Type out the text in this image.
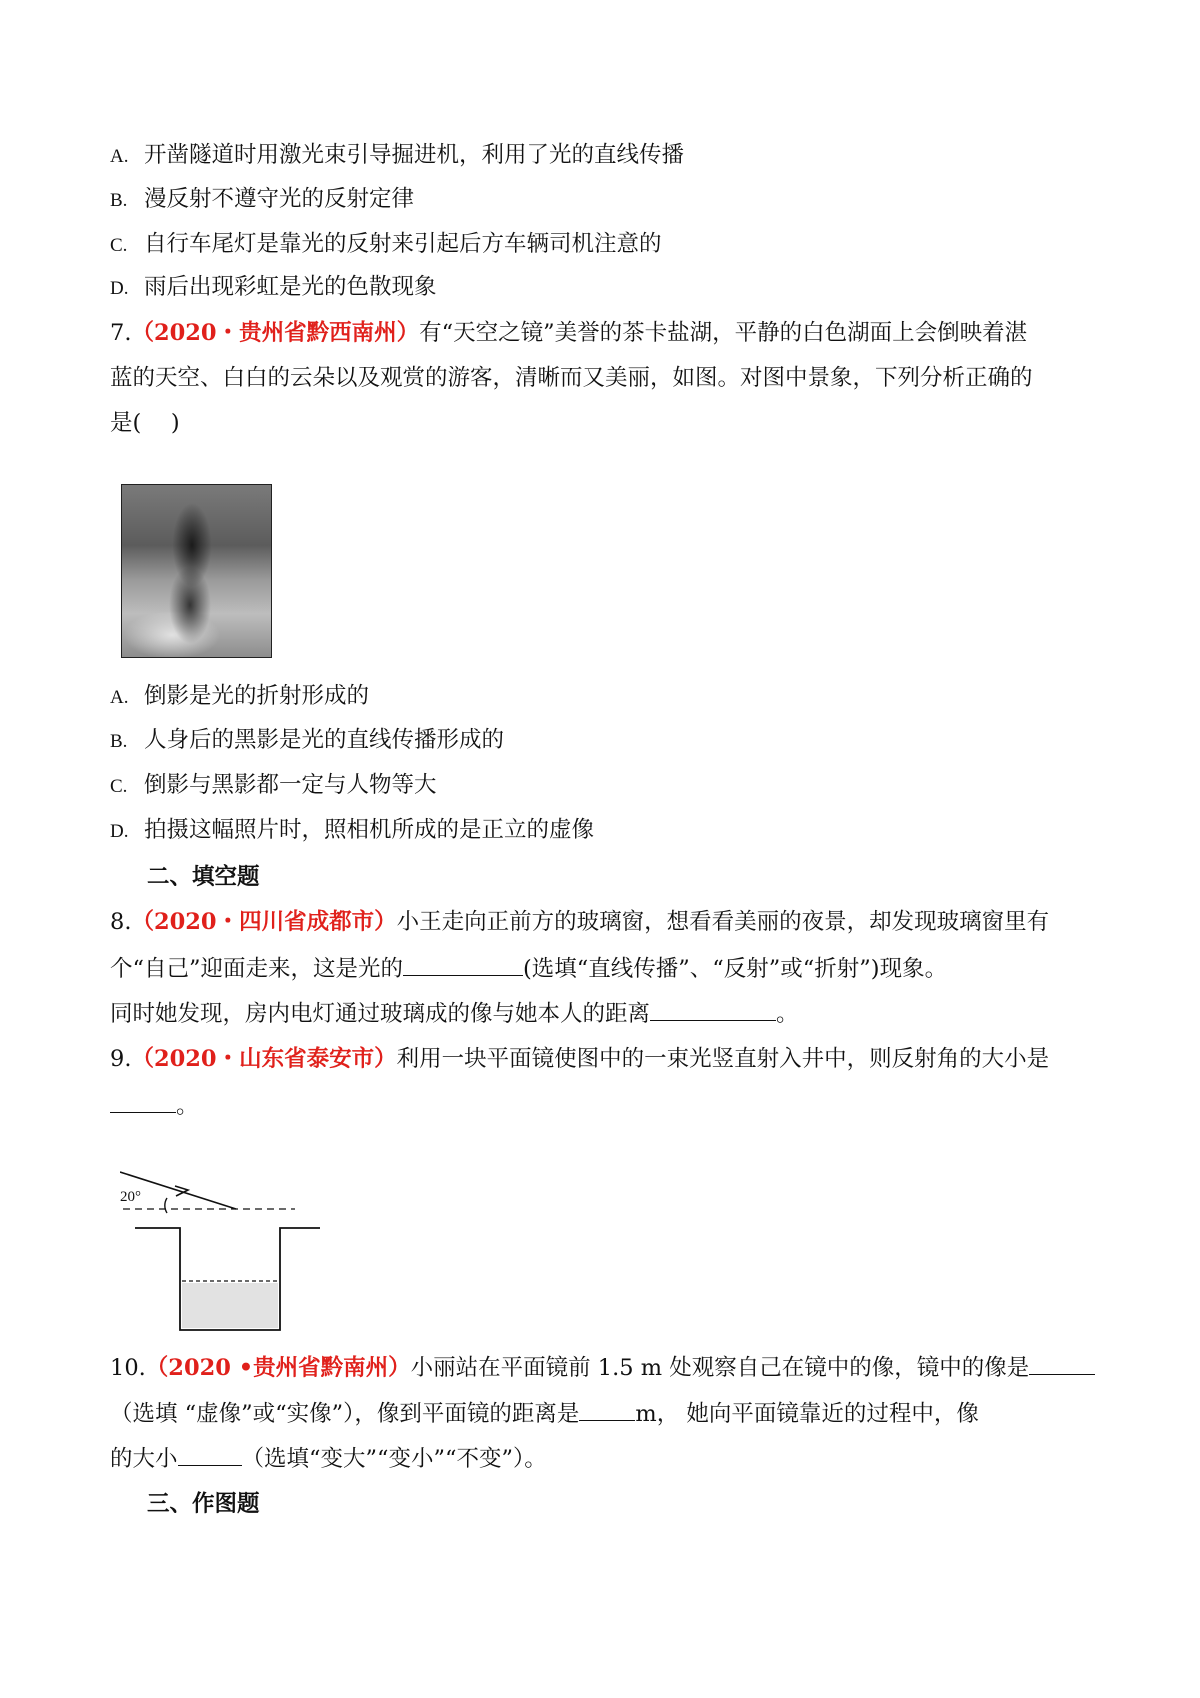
A. 开凿隧道时用激光束引导掘进机，利用了光的直线传播
B. 漫反射不遵守光的反射定律
C. 自行车尾灯是靠光的反射来引起后方车辆司机注意的
D. 雨后出现彩虹是光的色散现象
7.（2020・贵州省黔西南州）有“天空之镜”美誉的茶卡盐湖，平静的白色湖面上会倒映着湛
蓝的天空、白白的云朵以及观赏的游客，清晰而又美丽，如图。对图中景象，下列分析正确的
是(　 )
A. 倒影是光的折射形成的
B. 人身后的黑影是光的直线传播形成的
C. 倒影与黑影都一定与人物等大
D. 拍摄这幅照片时，照相机所成的是正立的虚像
二、填空题
8.（2020・四川省成都市）小王走向正前方的玻璃窗，想看看美丽的夜景，却发现玻璃窗里有
个“自己”迎面走来，这是光的	(选填“直线传播”、“反射”或“折射”)现象。
同时她发现，房内电灯通过玻璃成的像与她本人的距离	。
9.（2020・山东省泰安市）利用一块平面镜使图中的一束光竖直射入井中，则反射角的大小是
。
20°
10.（2020 •贵州省黔南州）小丽站在平面镜前 1.5 m 处观察自己在镜中的像，镜中的像是
（选填 “虚像”或“实像”），像到平面镜的距离是 m， 她向平面镜靠近的过程中，像
的大小	（选填“变大”“变小”“不变”）。
三、作图题
